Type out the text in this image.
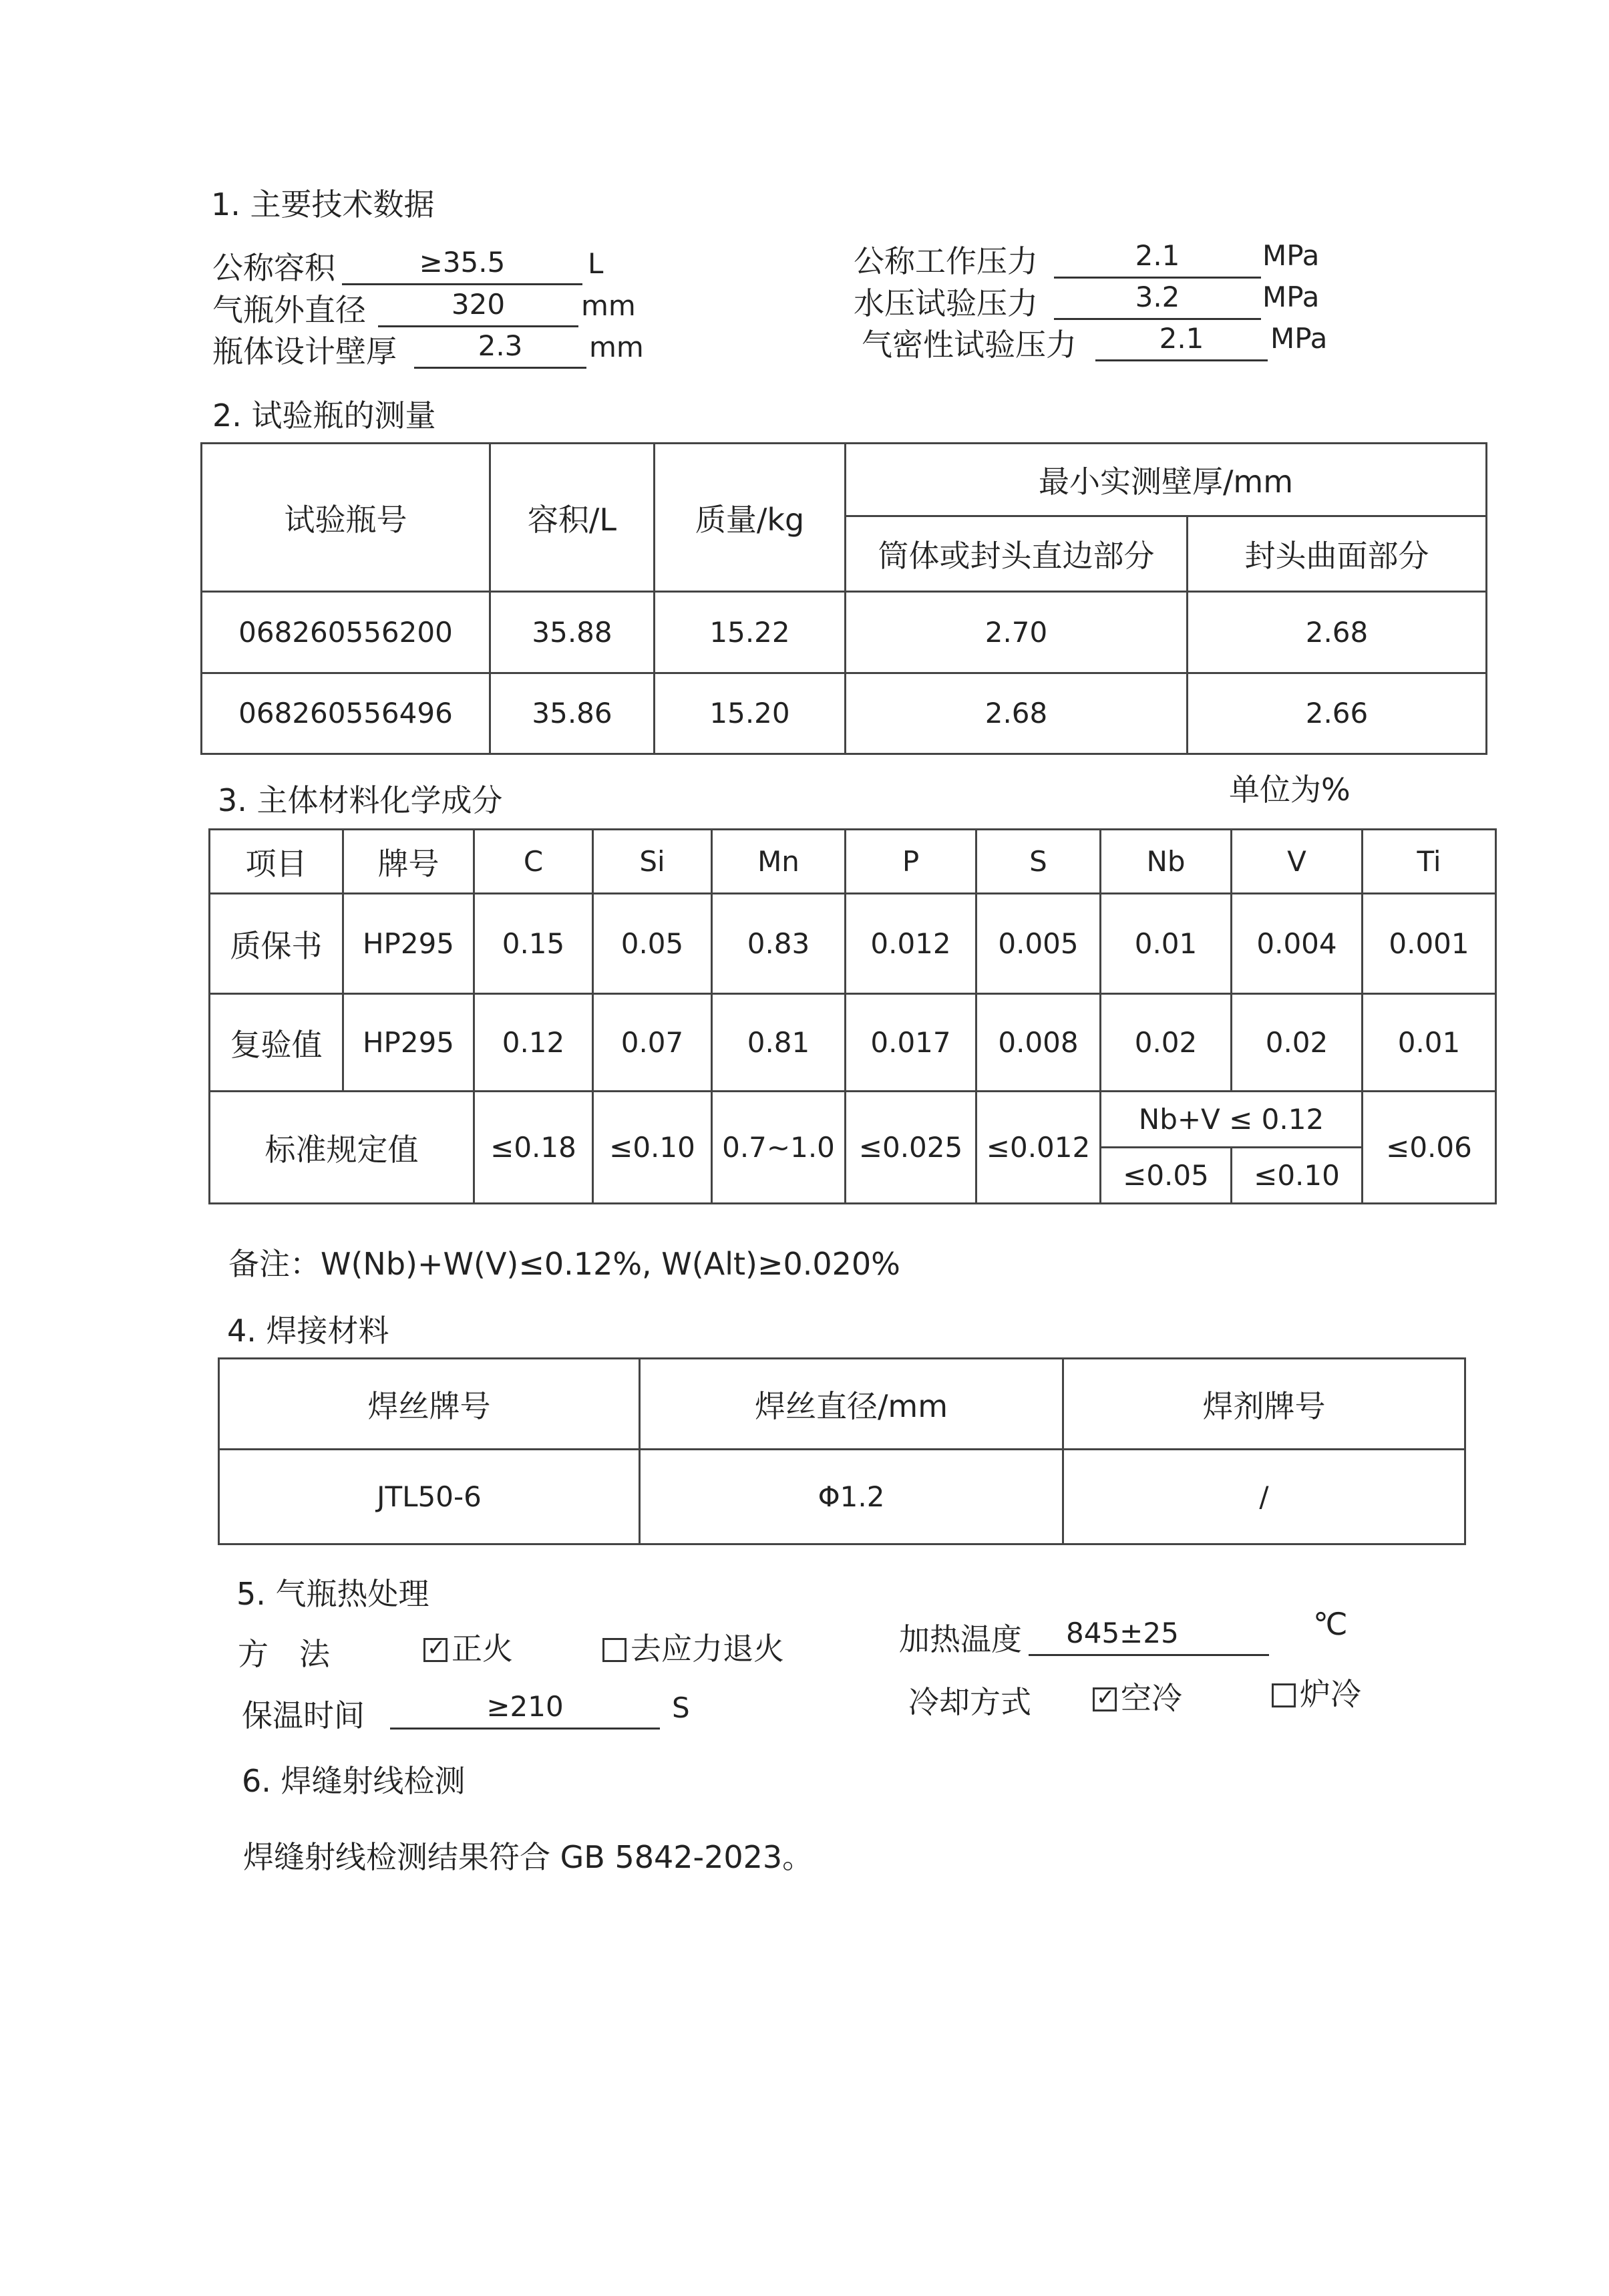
1. 主要技术数据
公称容积	≥35.5	L
气瓶外直径	320	mm
瓶体设计壁厚	2.3	mm
公称工作压力	2.1	MPa
水压试验压力	3.2	MPa
气密性试验压力	2.1	MPa
2. 试验瓶的测量
试验瓶号	容积/L	质量/kg	最小实测壁厚/mm	
			筒体或封头直边部分	封头曲面部分
068260556200	35.88	15.22	2.70	2.68
068260556496	35.86	15.20	2.68	2.66
3. 主体材料化学成分	单位为%
项目	牌号	C	Si	Mn	P	S	Nb	V	Ti
质保书	HP295	0.15	0.05	0.83	0.012	0.005	0.01	0.004	0.001
复验值	HP295	0.12	0.07	0.81	0.017	0.008	0.02	0.02	0.01
标准规定值		≤0.18	≤0.10	0.7~1.0	≤0.025	≤0.012	Nb+V ≤ 0.12		≤0.06
							≤0.05	≤0.10	
备注：W(Nb)+W(V)≤0.12%, W(Alt)≥0.020%
4. 焊接材料
焊丝牌号	焊丝直径/mm	焊剂牌号
JTL50-6	Φ1.2	/
5. 气瓶热处理
方　法 ✓	正火	去应力退火	加热温度	845±25	℃
保温时间	≥210	S	冷却方式 ✓	空冷	炉冷
6. 焊缝射线检测
焊缝射线检测结果符合 GB 5842-2023。
